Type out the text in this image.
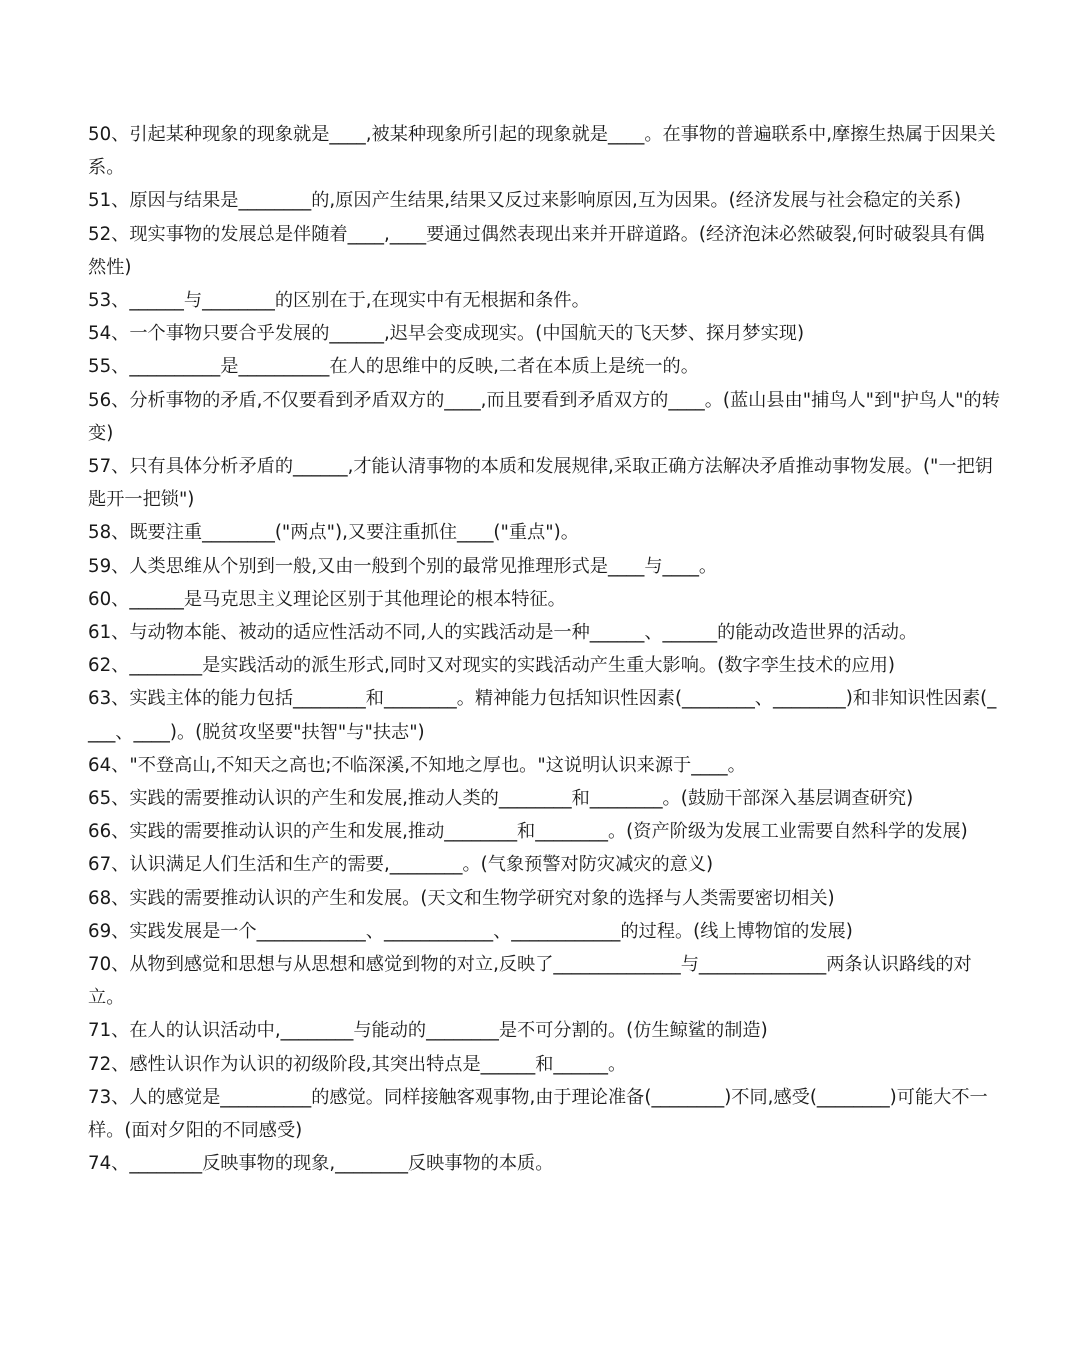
50、引起某种现象的现象就是____,被某种现象所引起的现象就是____。在事物的普遍联系中,摩擦生热属于因果关系。

51、原因与结果是________的,原因产生结果,结果又反过来影响原因,互为因果。(经济发展与社会稳定的关系)

52、现实事物的发展总是伴随着____,____要通过偶然表现出来并开辟道路。(经济泡沫必然破裂,何时破裂具有偶然性)

53、______与________的区别在于,在现实中有无根据和条件。

54、一个事物只要合乎发展的______,迟早会变成现实。(中国航天的飞天梦、探月梦实现)

55、__________是__________在人的思维中的反映,二者在本质上是统一的。

56、分析事物的矛盾,不仅要看到矛盾双方的____,而且要看到矛盾双方的____。(蓝山县由"捕鸟人"到"护鸟人"的转变)

57、只有具体分析矛盾的______,才能认清事物的本质和发展规律,采取正确方法解决矛盾推动事物发展。("一把钥匙开一把锁")

58、既要注重________("两点"),又要注重抓住____("重点")。

59、人类思维从个别到一般,又由一般到个别的最常见推理形式是____与____。

60、______是马克思主义理论区别于其他理论的根本特征。

61、与动物本能、被动的适应性活动不同,人的实践活动是一种______、______的能动改造世界的活动。

62、________是实践活动的派生形式,同时又对现实的实践活动产生重大影响。(数字孪生技术的应用)

63、实践主体的能力包括________和________。精神能力包括知识性因素(________、________)和非知识性因素(____、____)。(脱贫攻坚要"扶智"与"扶志")

64、"不登高山,不知天之高也;不临深溪,不知地之厚也。"这说明认识来源于____。

65、实践的需要推动认识的产生和发展,推动人类的________和________。(鼓励干部深入基层调查研究)

66、实践的需要推动认识的产生和发展,推动________和________。(资产阶级为发展工业需要自然科学的发展)

67、认识满足人们生活和生产的需要,________。(气象预警对防灾减灾的意义)

68、实践的需要推动认识的产生和发展。(天文和生物学研究对象的选择与人类需要密切相关)

69、实践发展是一个____________、____________、____________的过程。(线上博物馆的发展)

70、从物到感觉和思想与从思想和感觉到物的对立,反映了______________与______________两条认识路线的对立。

71、在人的认识活动中,________与能动的________是不可分割的。(仿生鲸鲨的制造)

72、感性认识作为认识的初级阶段,其突出特点是______和______。

73、人的感觉是__________的感觉。同样接触客观事物,由于理论准备(________)不同,感受(________)可能大不一样。(面对夕阳的不同感受)

74、________反映事物的现象,________反映事物的本质。
